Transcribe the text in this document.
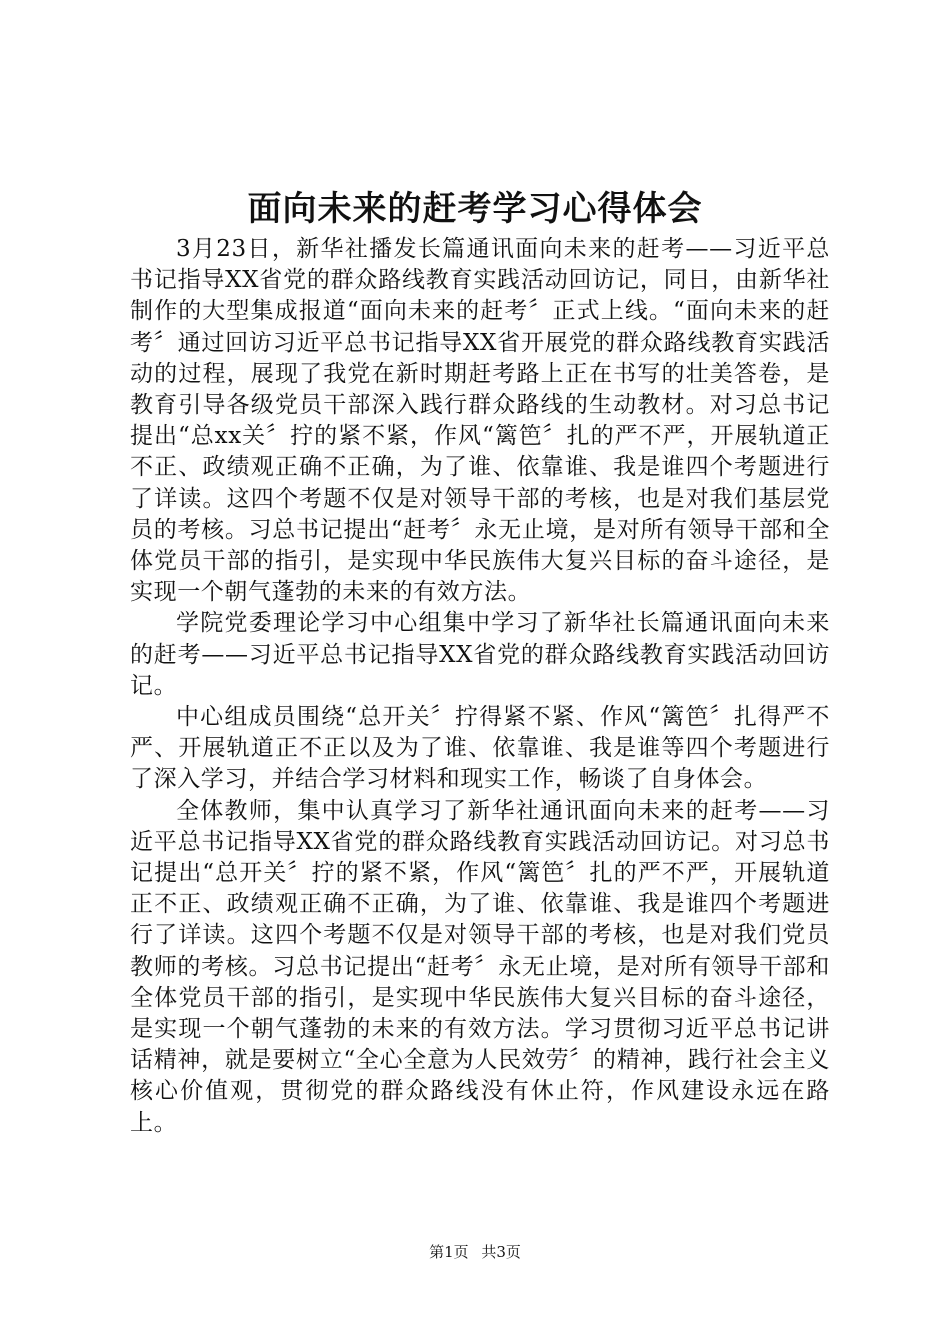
面向未来的赶考学习心得体会

3月23日，新华社播发长篇通讯面向未来的赶考——习近平总书记指导XX省党的群众路线教育实践活动回访记，同日，由新华社制作的大型集成报道“面向未来的赶考〞正式上线。“面向未来的赶考〞通过回访习近平总书记指导XX省开展党的群众路线教育实践活动的过程，展现了我党在新时期赶考路上正在书写的壮美答卷，是教育引导各级党员干部深入践行群众路线的生动教材。对习总书记提出“总xx关〞拧的紧不紧，作风“篱笆〞扎的严不严，开展轨道正不正、政绩观正确不正确，为了谁、依靠谁、我是谁四个考题进行了详读。这四个考题不仅是对领导干部的考核，也是对我们基层党员的考核。习总书记提出“赶考〞永无止境，是对所有领导干部和全体党员干部的指引，是实现中华民族伟大复兴目标的奋斗途径，是实现一个朝气蓬勃的未来的有效方法。

学院党委理论学习中心组集中学习了新华社长篇通讯面向未来的赶考——习近平总书记指导XX省党的群众路线教育实践活动回访记。

中心组成员围绕“总开关〞拧得紧不紧、作风“篱笆〞扎得严不严、开展轨道正不正以及为了谁、依靠谁、我是谁等四个考题进行了深入学习，并结合学习材料和现实工作，畅谈了自身体会。

全体教师，集中认真学习了新华社通讯面向未来的赶考——习近平总书记指导XX省党的群众路线教育实践活动回访记。对习总书记提出“总开关〞拧的紧不紧，作风“篱笆〞扎的严不严，开展轨道正不正、政绩观正确不正确，为了谁、依靠谁、我是谁四个考题进行了详读。这四个考题不仅是对领导干部的考核，也是对我们党员教师的考核。习总书记提出“赶考〞永无止境，是对所有领导干部和全体党员干部的指引，是实现中华民族伟大复兴目标的奋斗途径，是实现一个朝气蓬勃的未来的有效方法。学习贯彻习近平总书记讲话精神，就是要树立“全心全意为人民效劳〞的精神，践行社会主义核心价值观，贯彻党的群众路线没有休止符，作风建设永远在路上。

第1页 共3页
